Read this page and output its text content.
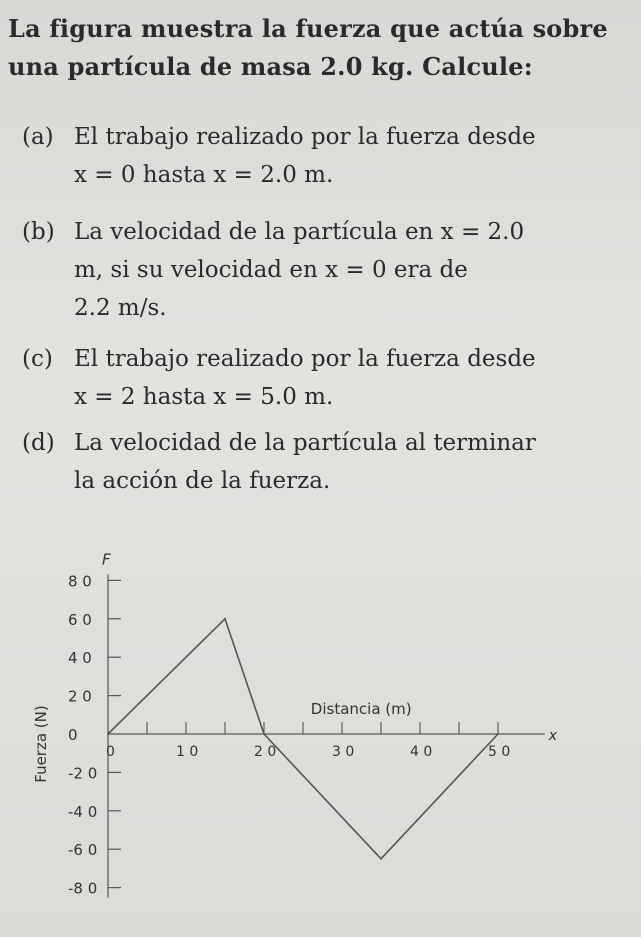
La figura muestra la fuerza que actúa sobre
una partícula de masa 2.0 kg. Calcule:
(a) El trabajo realizado por la fuerza desde
x = 0 hasta x = 2.0 m.
(b) La velocidad de la partícula en x = 2.0
m, si su velocidad en x = 0 era de
2.2 m/s.
(c) El trabajo realizado por la fuerza desde
x = 2 hasta x = 5.0 m.
(d) La velocidad de la partícula al terminar
la acción de la fuerza.
8 0
6 0
4 0
2 0
0
-2 0
-4 0
-6 0
-8 0
0	1 0	2 0	3 0	4 0	5 0
F
x
Distancia (m)
Fuerza (N)
